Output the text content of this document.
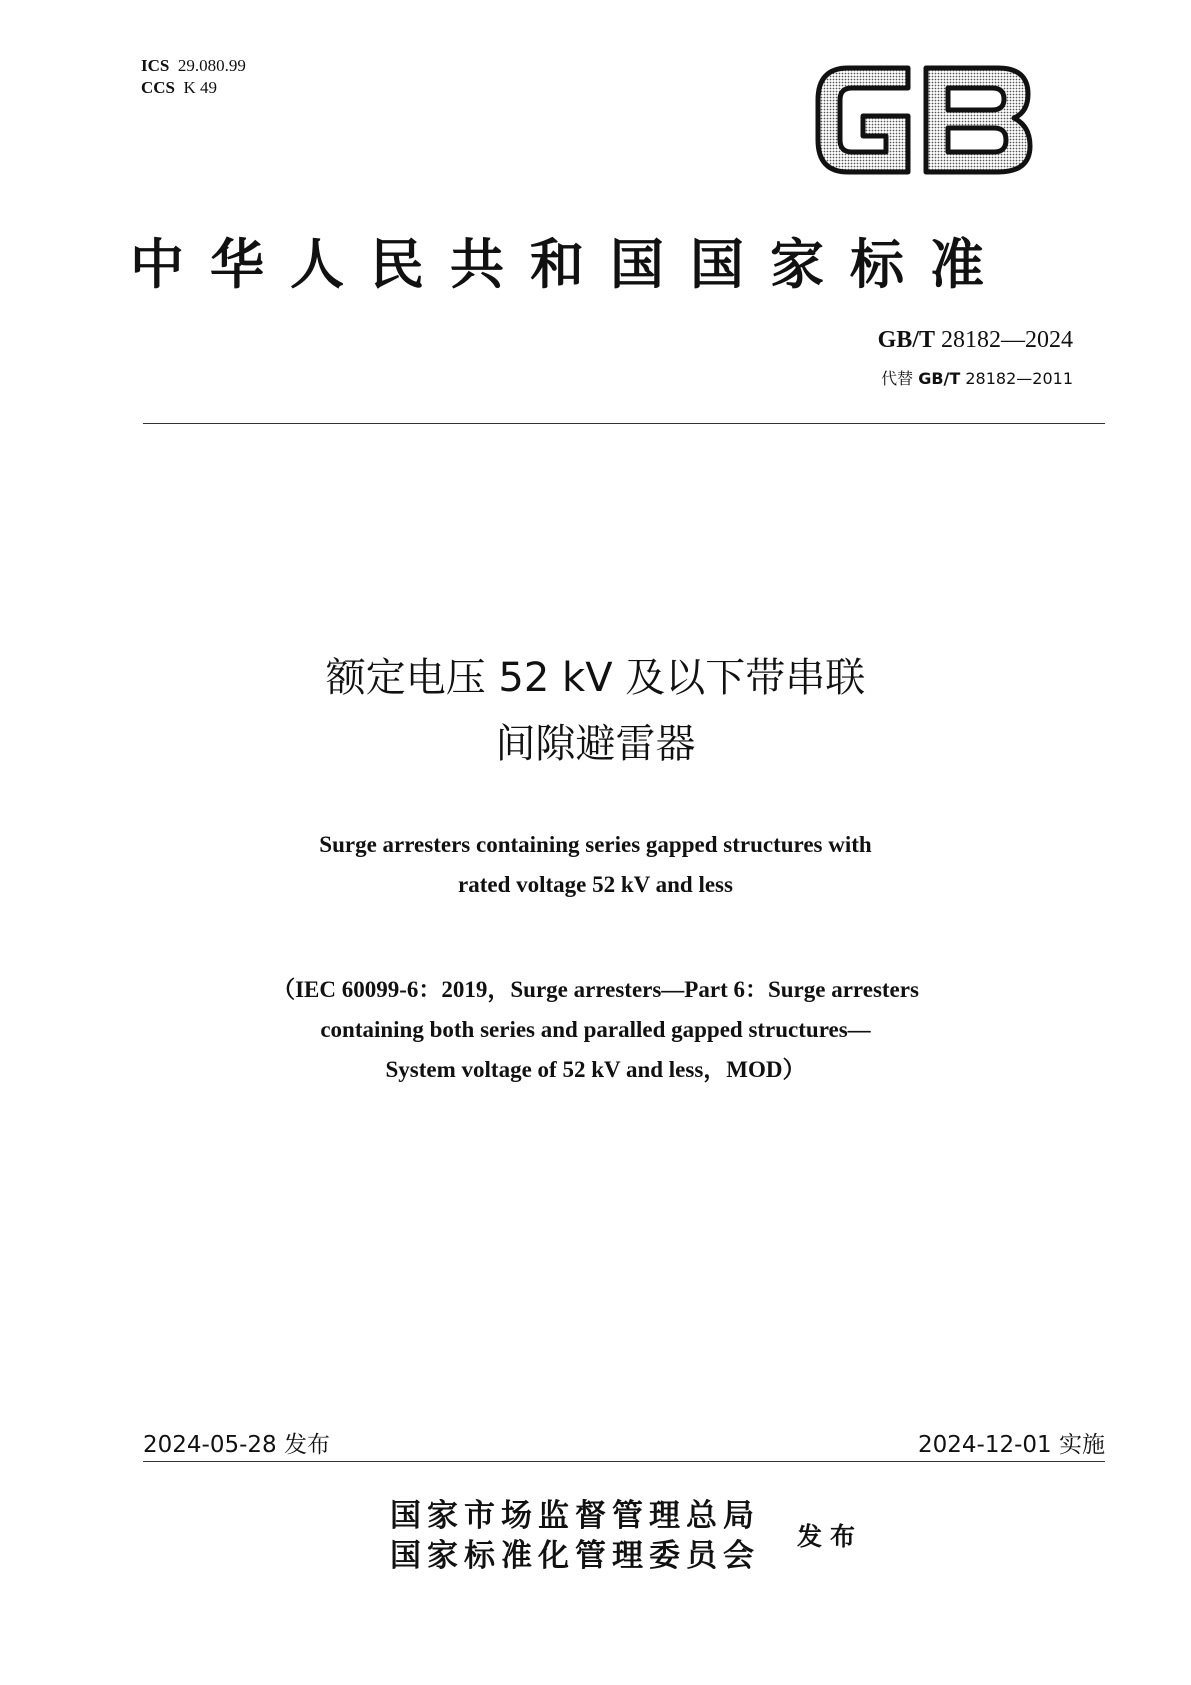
ICS 29.080.99
CCS K 49
中华人民共和国国家标准
GB/T 28182—2024
代替 GB/T 28182—2011
额定电压 52 kV 及以下带串联
间隙避雷器
Surge arresters containing series gapped structures with
rated voltage 52 kV and less
（IEC 60099-6：2019，Surge arresters—Part 6：Surge arresters
containing both series and paralled gapped structures—
System voltage of 52 kV and less，MOD）
2024-05-28 发布	2024-12-01 实施
国家市场监督管理总局
国家标准化管理委员会
发布
